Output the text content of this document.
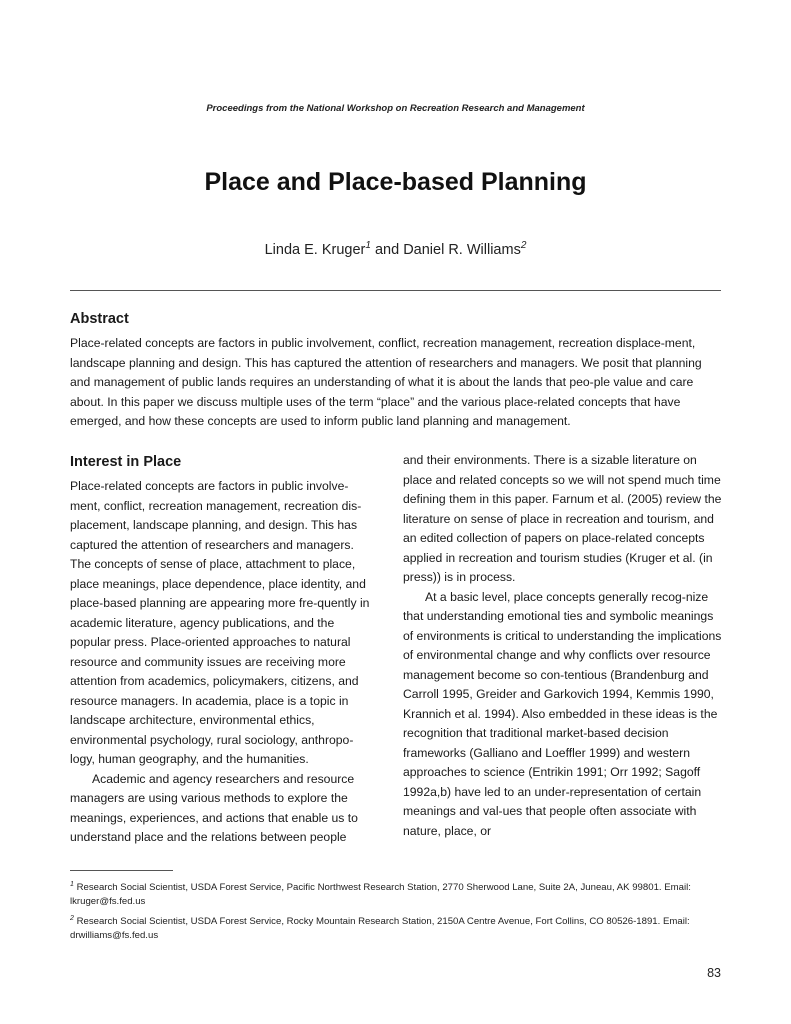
Proceedings from the National Workshop on Recreation Research and Management
Place and Place-based Planning
Linda E. Kruger$^1$ and Daniel R. Williams$^2$
Abstract

Place-related concepts are factors in public involvement, conflict, recreation management, recreation displace-ment, landscape planning and design. This has captured the attention of researchers and managers. We posit that planning and management of public lands requires an understanding of what it is about the lands that peo-ple value and care about. In this paper we discuss multiple uses of the term “place” and the various place-related concepts that have emerged, and how these concepts are used to inform public land planning and management.

Interest in Place

Place-related concepts are factors in public involve-ment, conflict, recreation management, recreation dis-placement, landscape planning, and design. This has captured the attention of researchers and managers. The concepts of sense of place, attachment to place, place meanings, place dependence, place identity, and place-based planning are appearing more fre-quently in academic literature, agency publications, and the popular press. Place-oriented approaches to natural resource and community issues are receiving more attention from academics, policymakers, citizens, and resource managers. In academia, place is a topic in landscape architecture, environmental ethics, environmental psychology, rural sociology, anthropo-logy, human geography, and the humanities.

Academic and agency researchers and resource managers are using various methods to explore the meanings, experiences, and actions that enable us to understand place and the relations between people

and their environments. There is a sizable literature on place and related concepts so we will not spend much time defining them in this paper. Farnum et al. (2005) review the literature on sense of place in recreation and tourism, and an edited collection of papers on place-related concepts applied in recreation and tourism studies (Kruger et al. (in press)) is in process.

At a basic level, place concepts generally recog-nize that understanding emotional ties and symbolic meanings of environments is critical to understanding the implications of environmental change and why conflicts over resource management become so con-tentious (Brandenburg and Carroll 1995, Greider and Garkovich 1994, Kemmis 1990, Krannich et al. 1994). Also embedded in these ideas is the recognition that traditional market-based decision frameworks (Galliano and Loeffler 1999) and western approaches to science (Entrikin 1991; Orr 1992; Sagoff 1992a,b) have led to an under-representation of certain meanings and val-ues that people often associate with nature, place, or

$^1$ Research Social Scientist, USDA Forest Service, Pacific Northwest Research Station, 2770 Sherwood Lane, Suite 2A, Juneau, AK 99801. Email: lkruger@fs.fed.us

$^2$ Research Social Scientist, USDA Forest Service, Rocky Mountain Research Station, 2150A Centre Avenue, Fort Collins, CO 80526-1891. Email: drwilliams@fs.fed.us

83
